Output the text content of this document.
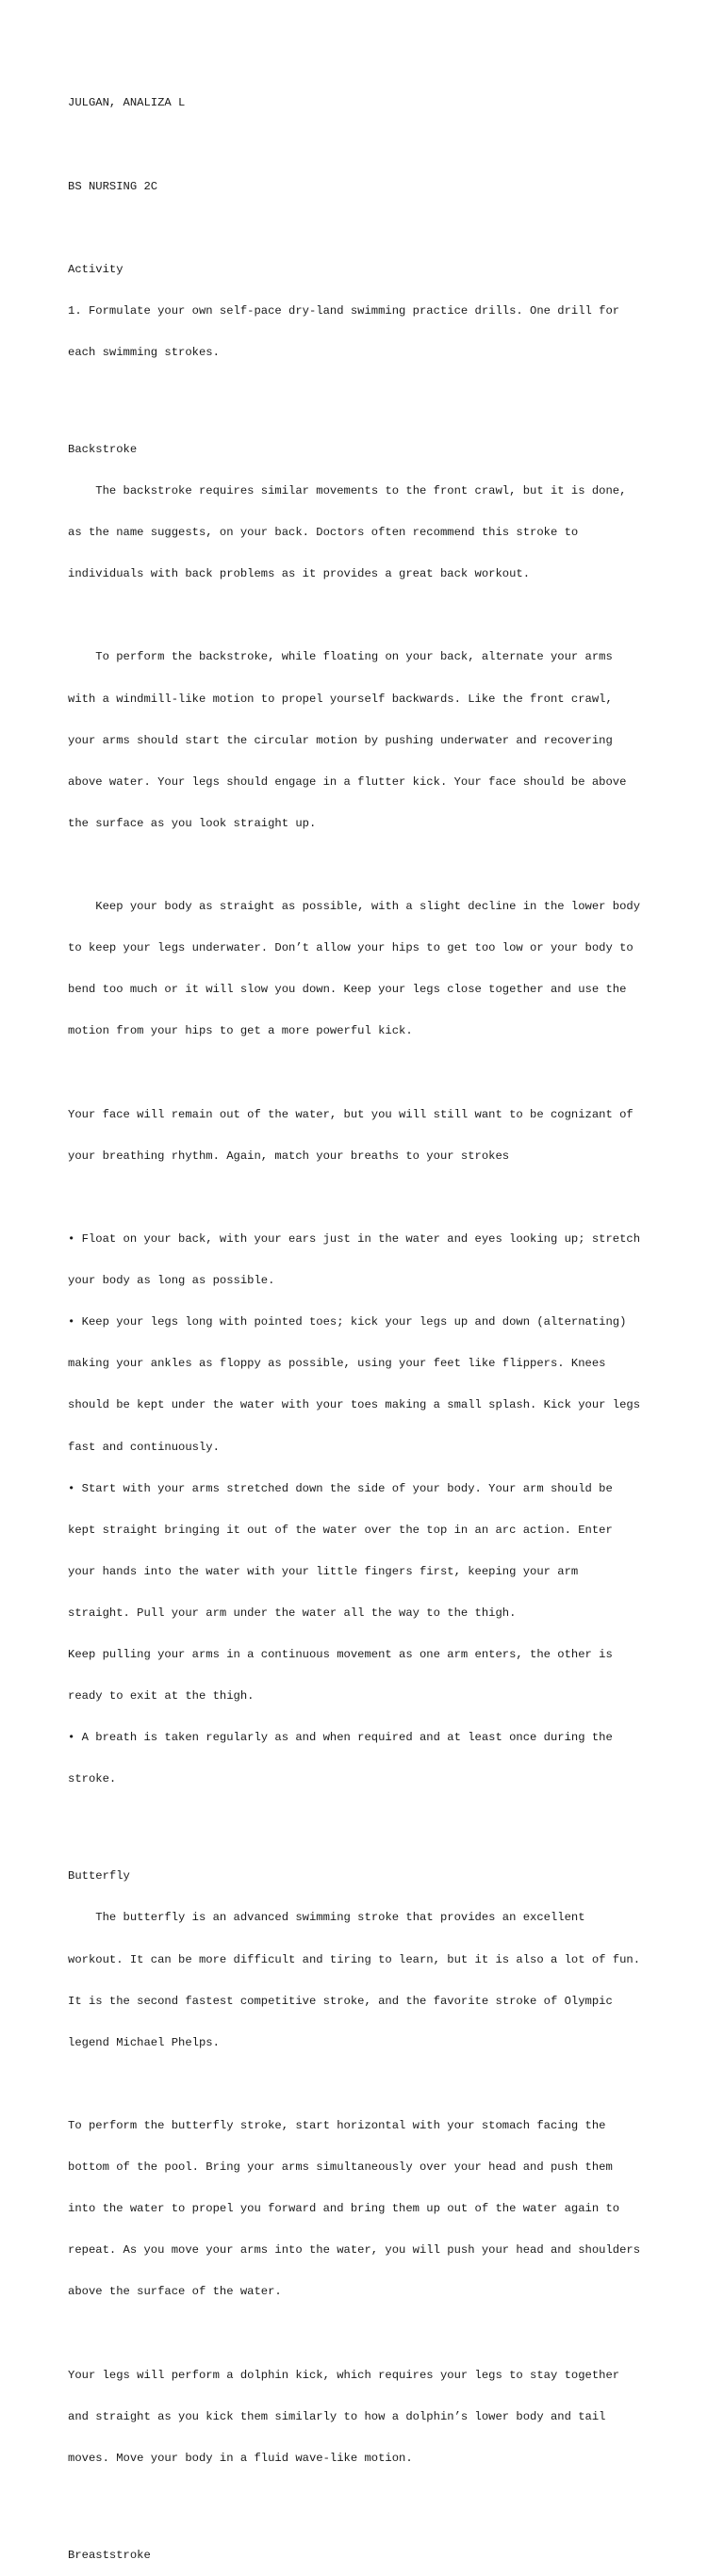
JULGAN, ANALIZA L

BS NURSING 2C

Activity

1. Formulate your own self-pace dry-land swimming practice drills. One drill for

each swimming strokes.

Backstroke

The backstroke requires similar movements to the front crawl, but it is done,

as the name suggests, on your back. Doctors often recommend this stroke to

individuals with back problems as it provides a great back workout.

To perform the backstroke, while floating on your back, alternate your arms

with a windmill-like motion to propel yourself backwards. Like the front crawl,

your arms should start the circular motion by pushing underwater and recovering

above water. Your legs should engage in a flutter kick. Your face should be above

the surface as you look straight up.

Keep your body as straight as possible, with a slight decline in the lower body

to keep your legs underwater. Don’t allow your hips to get too low or your body to

bend too much or it will slow you down. Keep your legs close together and use the

motion from your hips to get a more powerful kick.

Your face will remain out of the water, but you will still want to be cognizant of

your breathing rhythm. Again, match your breaths to your strokes

• Float on your back, with your ears just in the water and eyes looking up; stretch

your body as long as possible.

• Keep your legs long with pointed toes; kick your legs up and down (alternating)

making your ankles as floppy as possible, using your feet like flippers. Knees

should be kept under the water with your toes making a small splash. Kick your legs

fast and continuously.

• Start with your arms stretched down the side of your body. Your arm should be

kept straight bringing it out of the water over the top in an arc action. Enter

your hands into the water with your little fingers first, keeping your arm

straight. Pull your arm under the water all the way to the thigh.

Keep pulling your arms in a continuous movement as one arm enters, the other is

ready to exit at the thigh.

• A breath is taken regularly as and when required and at least once during the

stroke.

Butterfly

The butterfly is an advanced swimming stroke that provides an excellent

workout. It can be more difficult and tiring to learn, but it is also a lot of fun.

It is the second fastest competitive stroke, and the favorite stroke of Olympic

legend Michael Phelps.

To perform the butterfly stroke, start horizontal with your stomach facing the

bottom of the pool. Bring your arms simultaneously over your head and push them

into the water to propel you forward and bring them up out of the water again to

repeat. As you move your arms into the water, you will push your head and shoulders

above the surface of the water.

Your legs will perform a dolphin kick, which requires your legs to stay together

and straight as you kick them similarly to how a dolphin’s lower body and tail

moves. Move your body in a fluid wave-like motion.

Breaststroke
